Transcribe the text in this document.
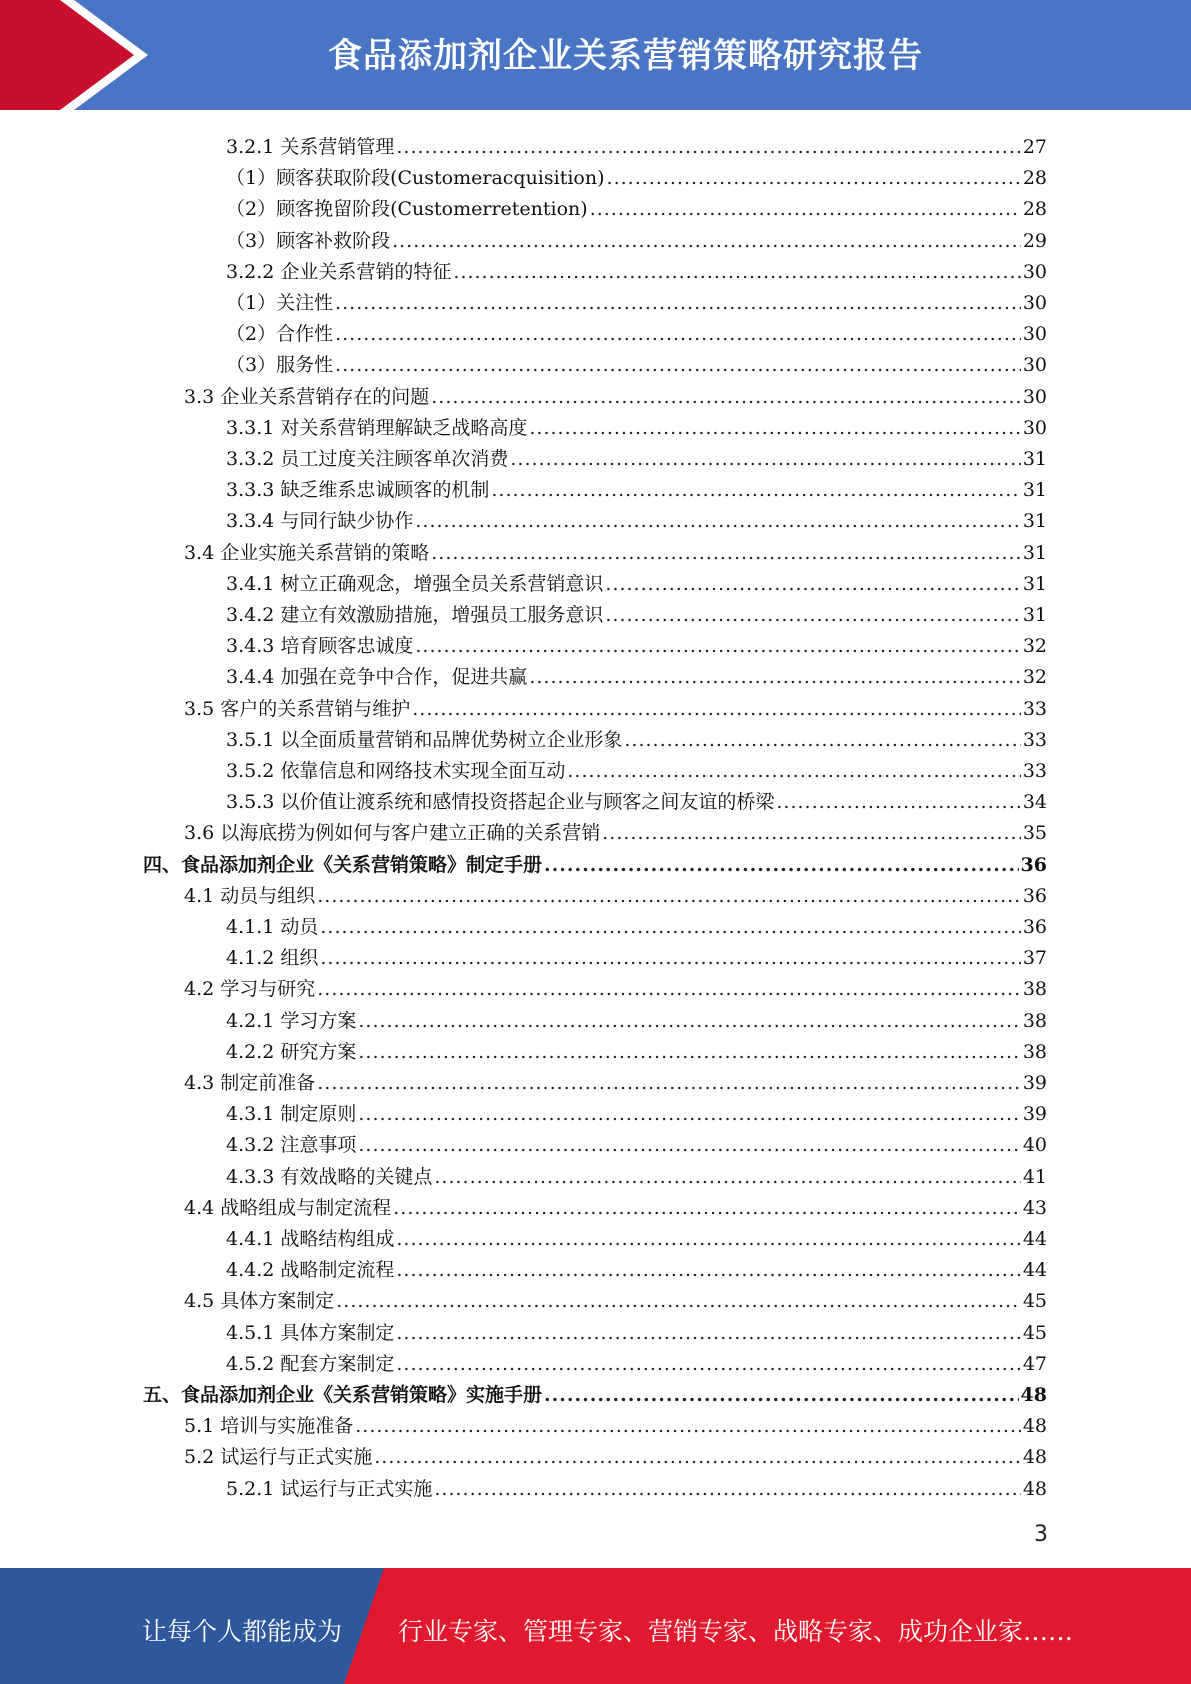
食品添加剂企业关系营销策略研究报告
3.2.1 关系营销管理 .....	27
（1）顾客获取阶段(Customeracquisition) .....	28
（2）顾客挽留阶段(Customerretention) .....	28
（3）顾客补救阶段 .....	29
3.2.2 企业关系营销的特征 .....	30
（1）关注性 .....	30
（2）合作性 .....	30
（3）服务性 .....	30
3.3 企业关系营销存在的问题 .....	30
3.3.1 对关系营销理解缺乏战略高度 .....	30
3.3.2 员工过度关注顾客单次消费 .....	31
3.3.3 缺乏维系忠诚顾客的机制 .....	31
3.3.4 与同行缺少协作 .....	31
3.4 企业实施关系营销的策略 .....	31
3.4.1 树立正确观念，增强全员关系营销意识 .....	31
3.4.2 建立有效激励措施，增强员工服务意识 .....	31
3.4.3 培育顾客忠诚度 .....	32
3.4.4 加强在竞争中合作，促进共赢 .....	32
3.5 客户的关系营销与维护 .....	33
3.5.1 以全面质量营销和品牌优势树立企业形象 .....	33
3.5.2 依靠信息和网络技术实现全面互动 .....	33
3.5.3 以价值让渡系统和感情投资搭起企业与顾客之间友谊的桥梁 .....	34
3.6 以海底捞为例如何与客户建立正确的关系营销 .....	35
四、食品添加剂企业《关系营销策略》制定手册 .....	36
4.1 动员与组织 .....	36
4.1.1 动员 .....	36
4.1.2 组织 .....	37
4.2 学习与研究 .....	38
4.2.1 学习方案 .....	38
4.2.2 研究方案 .....	38
4.3 制定前准备 .....	39
4.3.1 制定原则 .....	39
4.3.2 注意事项 .....	40
4.3.3 有效战略的关键点 .....	41
4.4 战略组成与制定流程 .....	43
4.4.1 战略结构组成 .....	44
4.4.2 战略制定流程 .....	44
4.5 具体方案制定 .....	45
4.5.1 具体方案制定 .....	45
4.5.2 配套方案制定 .....	47
五、食品添加剂企业《关系营销策略》实施手册 .....	48
5.1 培训与实施准备 .....	48
5.2 试运行与正式实施 .....	48
5.2.1 试运行与正式实施 .....	48
3
让每个人都能成为 行业专家、管理专家、营销专家、战略专家、成功企业家……
